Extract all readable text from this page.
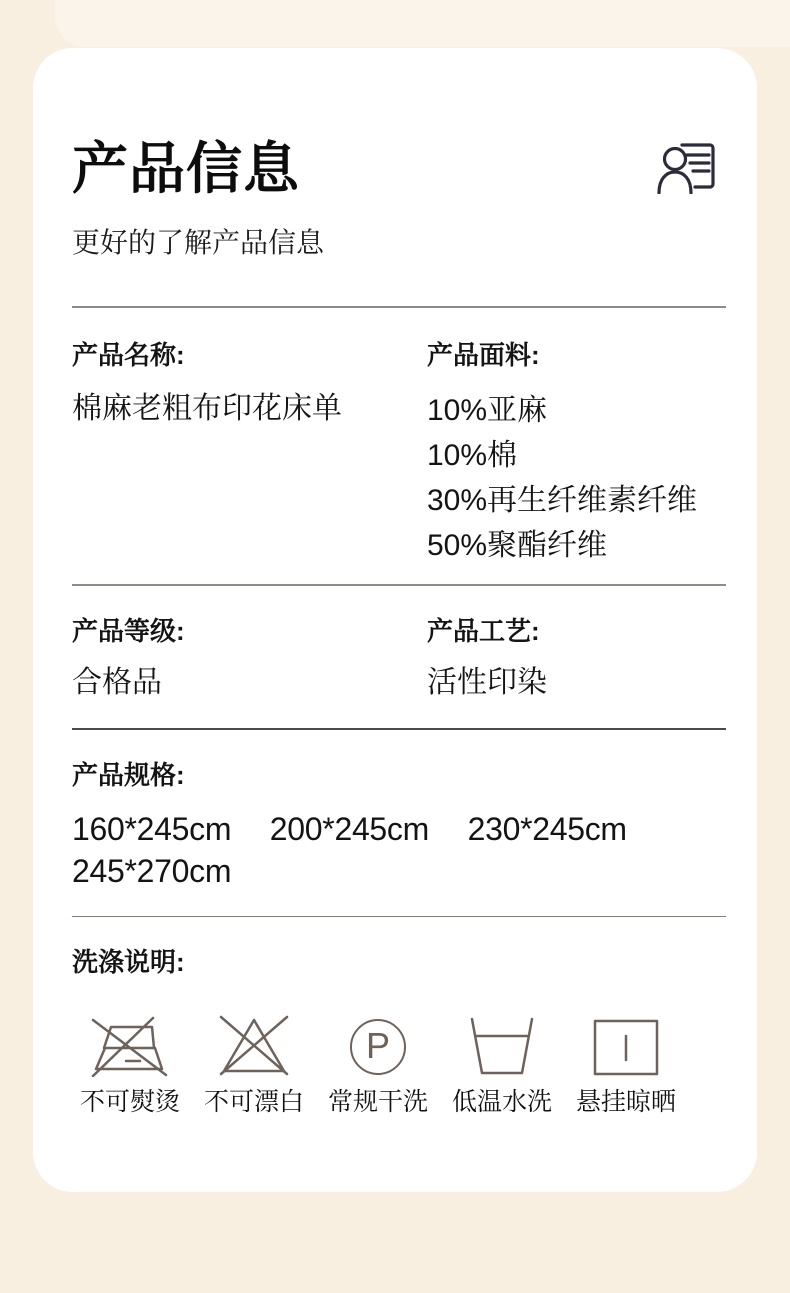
产品信息
更好的了解产品信息
产品名称:
棉麻老粗布印花床单
产品面料:
10%亚麻
10%棉
30%再生纤维素纤维
50%聚酯纤维
产品等级:
合格品
产品工艺:
活性印染
产品规格:
160*245cm 200*245cm 230*245cm
245*270cm
洗涤说明:
不可熨烫 不可漂白
P
常规干洗 低温水洗 悬挂晾晒
